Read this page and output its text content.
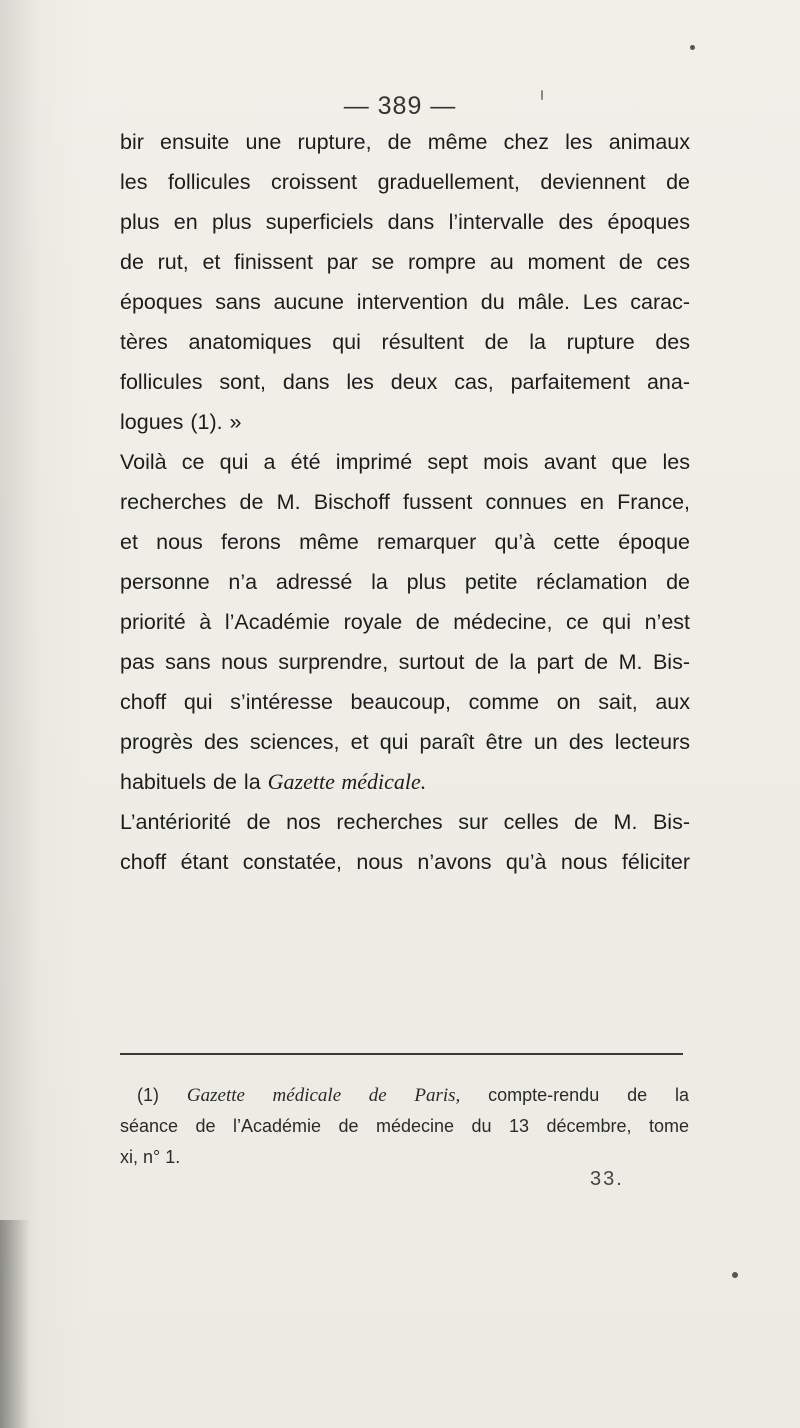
— 389 —
bir ensuite une rupture, de même chez les animaux
les follicules croissent graduellement, deviennent de
plus en plus superficiels dans l’intervalle des époques
de rut, et finissent par se rompre au moment de ces
époques sans aucune intervention du mâle. Les carac-
tères anatomiques qui résultent de la rupture des
follicules sont, dans les deux cas, parfaitement ana-
logues (1). »
Voilà ce qui a été imprimé sept mois avant que les
recherches de M. Bischoff fussent connues en France,
et nous ferons même remarquer qu’à cette époque
personne n’a adressé la plus petite réclamation de
priorité à l’Académie royale de médecine, ce qui n’est
pas sans nous surprendre, surtout de la part de M. Bis-
choff qui s’intéresse beaucoup, comme on sait, aux
progrès des sciences, et qui paraît être un des lecteurs
habituels de la Gazette médicale.
L’antériorité de nos recherches sur celles de M. Bis-
choff étant constatée, nous n’avons qu’à nous féliciter
(1) Gazette médicale de Paris, compte-rendu de la
séance de l’Académie de médecine du 13 décembre, tome
xi, n° 1.
33.
